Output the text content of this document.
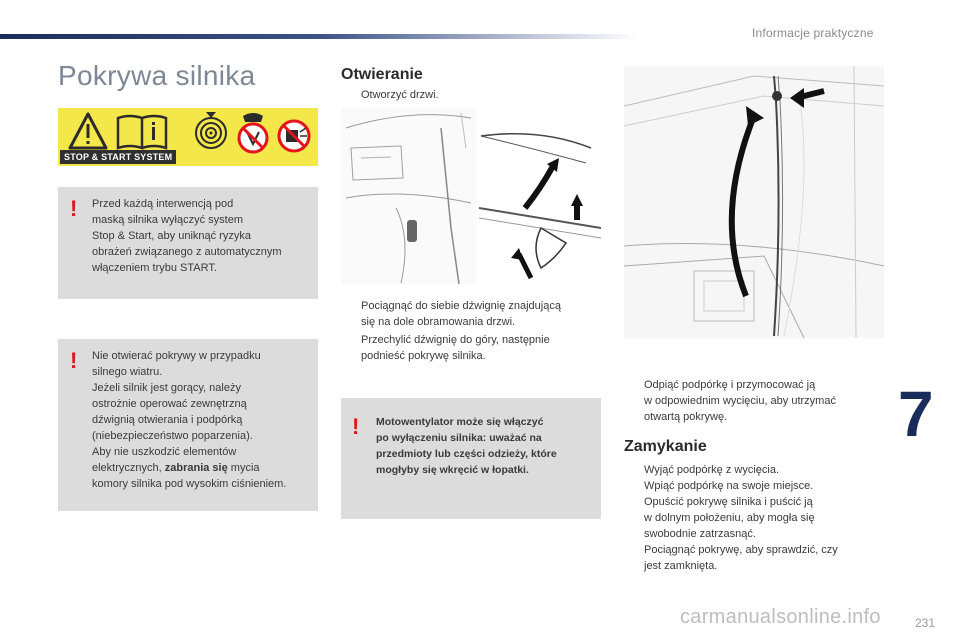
Informacje praktyczne
Pokrywa silnika
STOP & START SYSTEM
! Przed każdą interwencją pod
maską silnika wyłączyć system
Stop & Start, aby uniknąć ryzyka
obrażeń związanego z automatycznym
włączeniem trybu START.
! Nie otwierać pokrywy w przypadku
silnego wiatru.
Jeżeli silnik jest gorący, należy
ostrożnie operować zewnętrzną
dźwignią otwierania i podpórką
(niebezpieczeństwo poparzenia).
Aby nie uszkodzić elementów
elektrycznych, zabrania się mycia
komory silnika pod wysokim ciśnieniem.
Otwieranie
Otworzyć drzwi.
Pociągnąć do siebie dźwignię znajdującą
się na dole obramowania drzwi.
Przechylić dźwignię do góry, następnie
podnieść pokrywę silnika.
! Motowentylator może się włączyć
po wyłączeniu silnika: uważać na
przedmioty lub części odzieży, które
mogłyby się wkręcić w łopatki.
Odpiąć podpórkę i przymocować ją
w odpowiednim wycięciu, aby utrzymać
otwartą pokrywę.
Zamykanie
Wyjąć podpórkę z wycięcia.
Wpiąć podpórkę na swoje miejsce.
Opuścić pokrywę silnika i puścić ją
w dolnym położeniu, aby mogła się
swobodnie zatrzasnąć.
Pociągnąć pokrywę, aby sprawdzić, czy
jest zamknięta.
7
carmanualsonline.info	231
